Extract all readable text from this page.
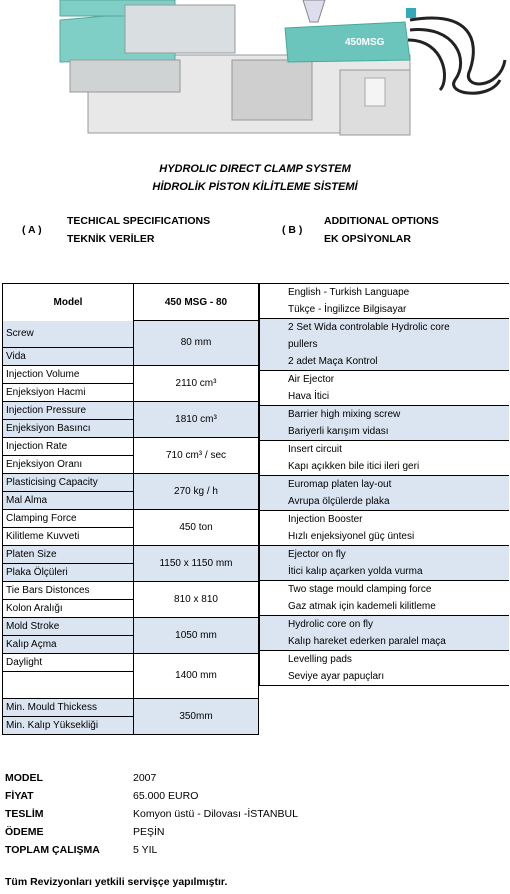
450MSG
HYDROLIC DIRECT CLAMP SYSTEM
HİDROLİK PİSTON KİLİTLEME SİSTEMİ
( A )
TECHICAL SPECIFICATIONS
TEKNİK VERİLER
( B )
ADDITIONAL OPTIONS
EK OPSİYONLAR
Model	450 MSG - 80
Screw	80 mm
Vida	
Injection Volume	2110 cm³
Enjeksiyon Hacmi	
Injection Pressure	1810 cm³
Enjeksiyon Basıncı	
Injection Rate	710 cm³ / sec
Enjeksiyon Oranı	
Plasticising Capacity	270 kg / h
Mal Alma	
Clamping Force	450 ton
Kilitleme Kuvveti	
Platen Size	1150 x 1150 mm
Plaka Ölçüleri	
Tie Bars Distonces	810 x 810
Kolon Aralığı	
Mold Stroke	1050 mm
Kalıp Açma	
Daylight	1400 mm

Min. Mould Thickess	350mm
Min. Kalıp Yüksekliği	
English - Turkish Languape
Tükçe - İngilizce Bilgisayar
2 Set Wida controlable Hydrolic core
pullers
2 adet Maça Kontrol
Air Ejector
Hava İtici
Barrier high mixing screw
Bariyerli karışım vidası
Insert circuit
Kapı açıkken bile itici ileri geri
Euromap platen lay-out
Avrupa ölçülerde plaka
Injection Booster
Hızlı enjeksiyonel güç üntesi
Ejector on fly
İtici kalıp açarken yolda vurma
Two stage mould clamping force
Gaz atmak için kademeli kilitleme
Hydrolic core on fly
Kalıp hareket ederken paralel maça
Levelling pads
Seviye ayar papuçları
MODEL	2007
FİYAT	65.000 EURO
TESLİM	Komyon üstü - Dilovası -İSTANBUL
ÖDEME	PEŞİN
TOPLAM ÇALIŞMA	5 YIL
Tüm Revizyonları yetkili servişçe yapılmıştır.
